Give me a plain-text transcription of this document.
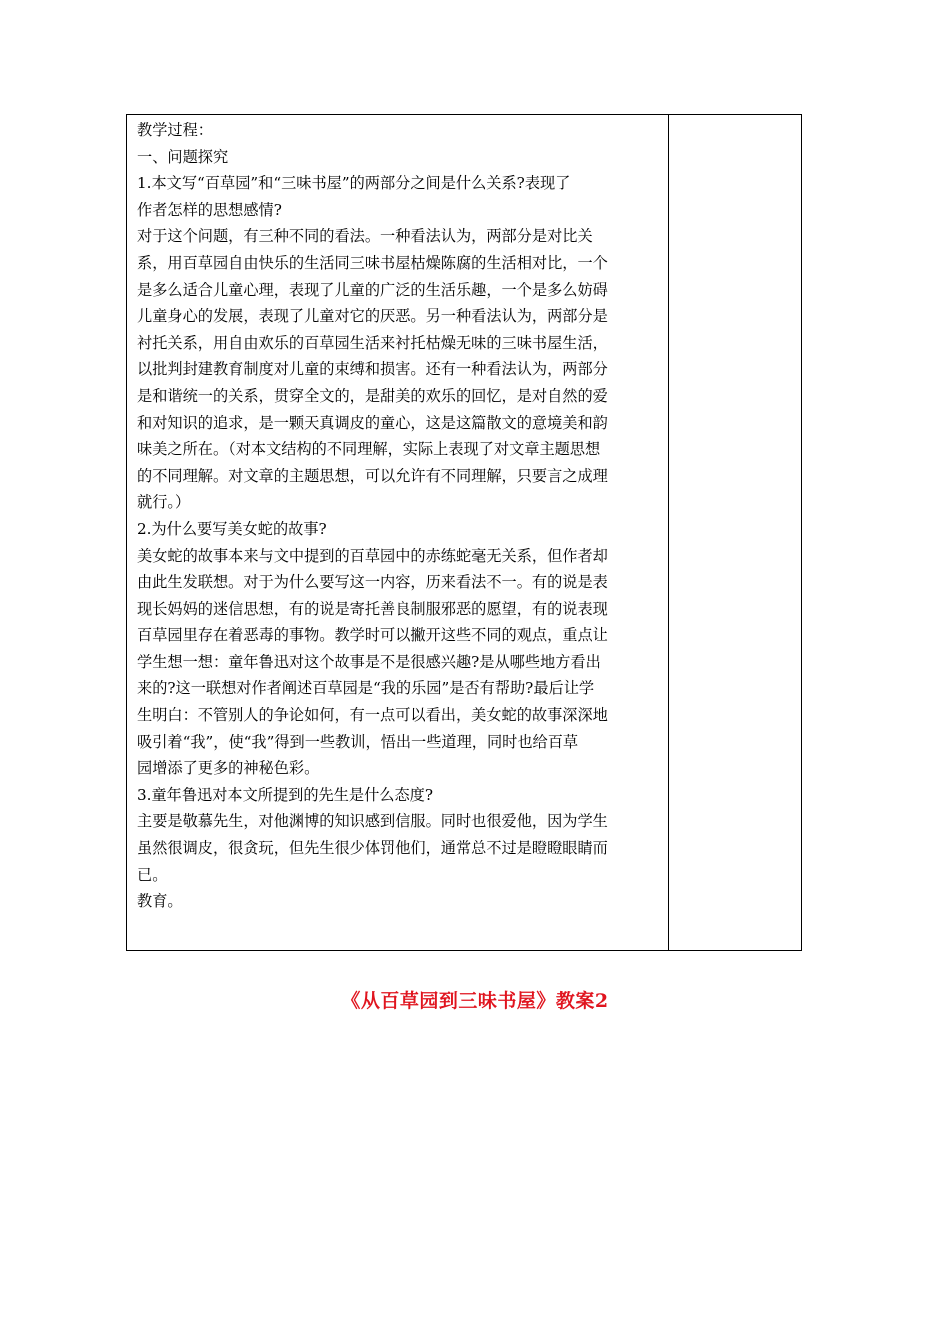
教学过程：
一、问题探究
1.本文写“百草园”和“三味书屋”的两部分之间是什么关系?表现了
作者怎样的思想感情?
对于这个问题，有三种不同的看法。一种看法认为，两部分是对比关
系，用百草园自由快乐的生活同三味书屋枯燥陈腐的生活相对比，一个
是多么适合儿童心理，表现了儿童的广泛的生活乐趣，一个是多么妨碍
儿童身心的发展，表现了儿童对它的厌恶。另一种看法认为，两部分是
衬托关系，用自由欢乐的百草园生活来衬托枯燥无味的三味书屋生活，
以批判封建教育制度对儿童的束缚和损害。还有一种看法认为，两部分
是和谐统一的关系，贯穿全文的，是甜美的欢乐的回忆，是对自然的爱
和对知识的追求，是一颗天真调皮的童心，这是这篇散文的意境美和韵
味美之所在。（对本文结构的不同理解，实际上表现了对文章主题思想
的不同理解。对文章的主题思想，可以允许有不同理解，只要言之成理
就行。）
2.为什么要写美女蛇的故事?
美女蛇的故事本来与文中提到的百草园中的赤练蛇毫无关系，但作者却
由此生发联想。对于为什么要写这一内容，历来看法不一。有的说是表
现长妈妈的迷信思想，有的说是寄托善良制服邪恶的愿望，有的说表现
百草园里存在着恶毒的事物。教学时可以撇开这些不同的观点，重点让
学生想一想：童年鲁迅对这个故事是不是很感兴趣?是从哪些地方看出
来的?这一联想对作者阐述百草园是“我的乐园”是否有帮助?最后让学
生明白：不管别人的争论如何，有一点可以看出，美女蛇的故事深深地
吸引着“我”，使“我”得到一些教训，悟出一些道理，同时也给百草
园增添了更多的神秘色彩。
3.童年鲁迅对本文所提到的先生是什么态度?
主要是敬慕先生，对他渊博的知识感到信服。同时也很爱他，因为学生
虽然很调皮，很贪玩，但先生很少体罚他们，通常总不过是瞪瞪眼睛而
已。
教育。
《从百草园到三味书屋》教案2
